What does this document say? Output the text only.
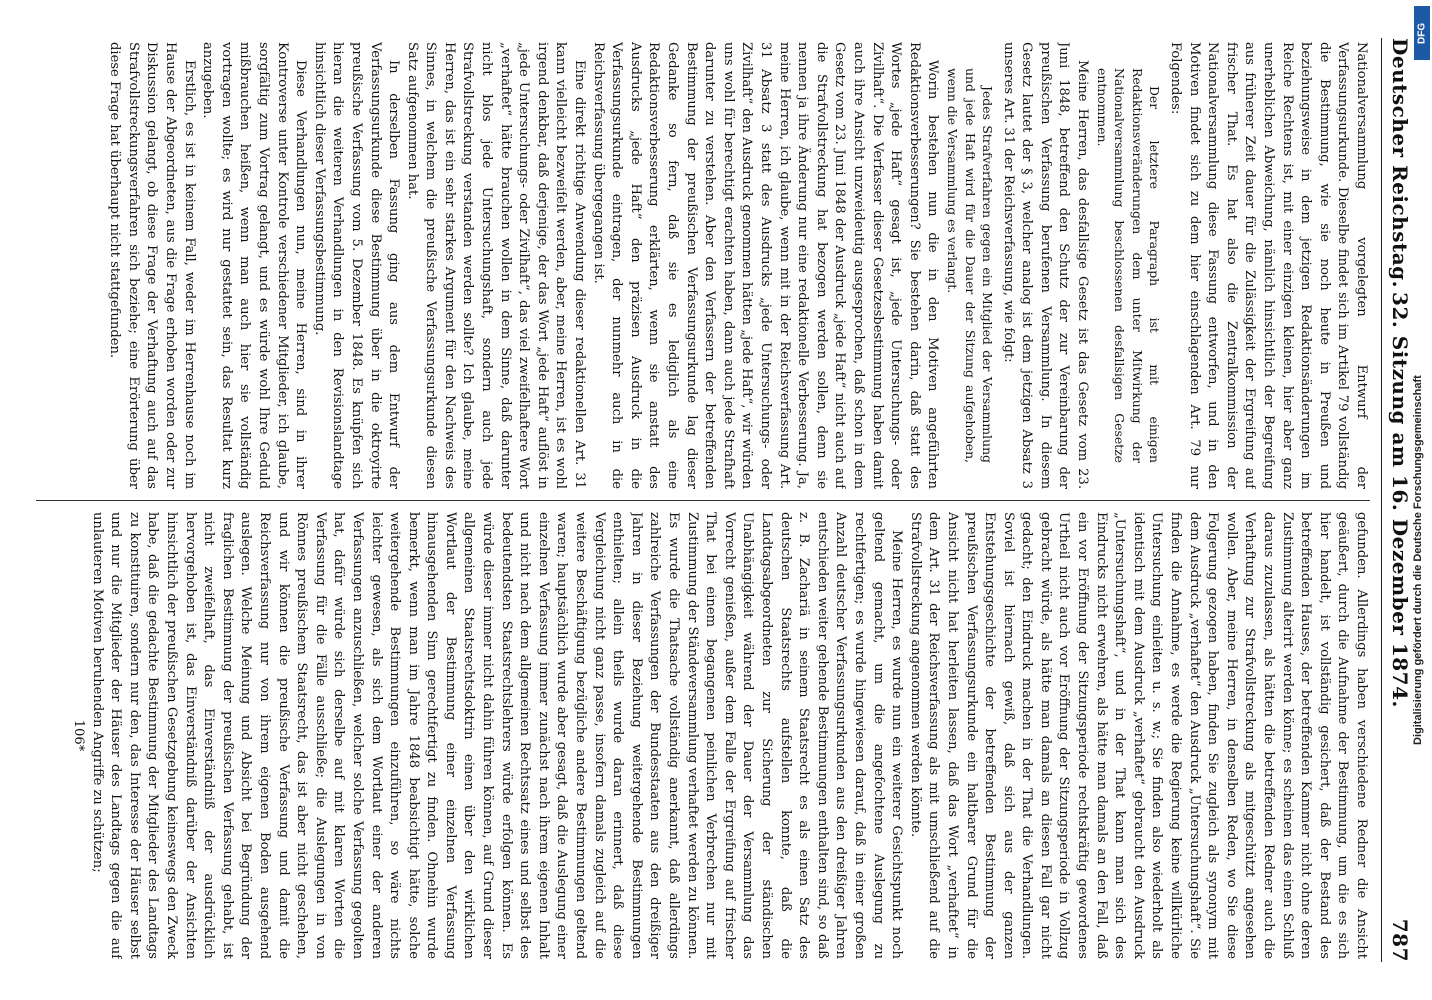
Deutscher Reichstag.
32. Sitzung am 16. Dezember 1874.
787

Nationalversammlung vorgelegten Entwurf der Verfassungsurkunde. Dieselbe findet sich im Artikel 79 vollständig die Bestimmung, wie sie noch heute in Preußen und beziehungsweise in dem jetzigen Redaktionsänderungen im Reiche Rechtens ist, mit einer einzigen kleinen, hier aber ganz unerheblichen Abweichung, nämlich hinsichtlich der Begreifung aus früherer Zeit dauer für die Zulässigkeit der Ergreifung auf frischer That. Es hat also die Zentralkommission der Nationalversammlung diese Fassung entworfen, und in den Motiven findet sich zu dem hier einschlagenden Art. 79 nur Folgendes:

Der letztere Paragraph ist mit einigen Redaktionsveränderungen dem unter Mitwirkung der Nationalversammlung beschlossenen desfallsigen Gesetze entnommen.

Meine Herren, das desfallsige Gesetz ist das Gesetz vom 23. Juni 1848, betreffend den Schutz der zur Vereinbarung der preußischen Verfassung berufenen Versammlung. In diesem Gesetz lautet der § 3, welcher analog ist dem jetzigen Absatz 3 unseres Art. 31 der Reichsverfassung, wie folgt:

Jedes Strafverfahren gegen ein Mitglied der Versammlung und jede Haft wird für die Dauer der Sitzung aufgehoben, wenn die Versammlung es verlangt.

Worin bestehen nun die in den Motiven angeführten Redaktionsverbesserungen? Sie bestehen darin, daß statt des Wortes „jede Haft“ gesagt ist, „jede Untersuchungs- oder Zivilhaft“. Die Verfasser dieser Gesetzesbestimmung haben damit auch ihre Ansicht unzweideutig ausgesprochen, daß schon in dem Gesetz vom 23. Juni 1848 der Ausdruck „jede Haft“ nicht auch auf die Strafvollstreckung hat bezogen werden sollen, denn sie nennen ja ihre Änderung nur eine redaktionelle Verbesserung. Ja, meine Herren, ich glaube, wenn mit in der Reichsverfassung Art. 31 Absatz 3 statt des Ausdrucks „jede Untersuchungs- oder Zivilhaft“ den Ausdruck genommen hätten „jede Haft“, wir würden uns wohl für berechtigt erachten haben, dann auch jede Strafhaft darunter zu verstehen. Aber den Verfassern der betreffenden Bestimmung der preußischen Verfassungsurkunde lag dieser Gedanke so fern, daß sie es lediglich als eine Redaktionsverbesserung erklärten, wenn sie anstatt des Ausdrucks „jede Haft“ den präzisen Ausdruck in die Verfassungsurkunde eintragen, der nunmehr auch in die Reichsverfassung übergegangen ist.

Eine direkt richtige Anwendung dieser redaktionellen Art. 31 kann vielleicht bezweifelt werden, aber, meine Herren, ist es wohl irgend denkbar, daß derjenige, der das Wort „jede Haft“ auflöst in „jede Untersuchungs- oder Zivilhaft“, das viel zweifelhaftere Wort „verhaftet“ hätte brauchen wollen in dem Sinne, daß darunter nicht blos jede Untersuchungshaft, sondern auch jede Strafvollstreckung verstanden werden sollte? Ich glaube, meine Herren, das ist ein sehr starkes Argument für den Nachweis des Sinnes, in welchem die preußische Verfassungsurkunde diesen Satz aufgenommen hat.

In derselben Fassung ging aus dem Entwurf der Verfassungsurkunde diese Bestimmung über in die oktroyirte preußische Verfassung vom 5. Dezember 1848. Es knüpfen sich hieran die weiteren Verhandlungen in den Revisionslandtage hinsichtlich dieser Verfassungsbestimmung.

Diese Verhandlungen nun, meine Herren, sind in ihrer Kontroverse unter Kontrole verschiedener Mitglieder, ich glaube, sorgfältig zum Vortrag gelangt, und es würde wohl Ihre Geduld mißbrauchen heißen, wenn man auch hier sie vollständig vortragen wollte; es wird nur gestattet sein, das Resultat kurz anzugeben.

Erstlich, es ist in keinem Fall, weder im Herrenhause noch im Hause der Abgeordneten, aus die Frage erhoben worden oder zur Diskussion gelangt, ob diese Frage der Verhaftung auch auf das Strafvollstreckungsverfahren sich beziehe; eine Erörterung über diese Frage hat überhaupt nicht stattgefunden.

gefunden. Allerdings haben verschiedene Redner die Ansicht geäußert, durch die Aufnahme der Bestimmung, um die es sich hier handelt, ist vollständig gesichert, daß der Bestand des betreffenden Hauses, der betreffenden Kammer nicht ohne deren Zustimmung alterirt werden könne; es scheinen das einen Schluß daraus zuzulassen, als hätten die betreffenden Redner auch die Verhaftung zur Strafvollstreckung als mitgeschützt angesehen wollen. Aber, meine Herren, in denselben Reden, wo Sie diese Folgerung gezogen haben, finden Sie zugleich als synonym mit dem Ausdruck „verhaftet“ den Ausdruck „Untersuchungshaft“. Sie finden die Annahme, es werde die Regierung keine willkürliche Untersuchung einleiten u. s. w.; Sie finden also wiederholt als identisch mit dem Ausdruck „verhaftet“ gebraucht den Ausdruck „Untersuchungshaft“, und in der That kann man sich des Eindrucks nicht erwehren, als hätte man damals an den Fall, daß ein vor Eröffnung der Sitzungsperiode rechtskräftig gewordenes Urtheil nicht auch vor Eröffnung der Sitzungsperiode in Vollzug gebracht würde, als hätte man damals an diesen Fall gar nicht gedacht; den Eindruck machen in der That die Verhandlungen. Soviel ist hiernach gewiß, daß sich aus der ganzen Entstehungsgeschichte der betreffenden Bestimmung der preußischen Verfassungsurkunde ein haltbarer Grund für die Ansicht nicht hat herleiten lassen, daß das Wort „verhaftet“ in dem Art. 31 der Reichsverfassung als mit umschließend auf die Strafvollstreckung angenommen werden könnte.

Meine Herren, es wurde nun ein weiterer Gesichtspunkt noch geltend gemacht, um die angefochtene Auslegung zu rechtfertigen; es wurde hingewiesen darauf, daß in einer großen Anzahl deutscher Verfassungsurkunden aus den dreißiger Jahren entschieden weiter gehende Bestimmungen enthalten sind, so daß z. B. Zachariä in seinem Staatsrecht es als einen Satz des deutschen Staatsrechts aufstellen konnte, daß die Landtagsabgeordneten zur Sicherung der ständischen Unabhängigkeit während der Dauer der Versammlung das Vorrecht genießen, außer dem Falle der Ergreifung auf frischer That bei einem begangenen peinlichen Verbrechen nur mit Zustimmung der Ständeversammlung verhaftet werden zu können. Es wurde die Thatsache vollständig anerkannt, daß allerdings zahlreiche Verfassungen der Bundesstaaten aus den dreißiger Jahren in dieser Beziehung weitergehende Bestimmungen enthielten; allein theils wurde daran erinnert, daß diese Vergleichung nicht ganz passe, insofern damals zugleich auf die weitere Beschäftigung bezügliche andere Bestimmungen geltend waren; hauptsächlich wurde aber gesagt, daß die Auslegung einer einzelnen Verfassung immer zunächst nach ihrem eigenen Inhalt und nicht nach dem allgemeinen Rechtssatz eines und selbst des bedeutendsten Staatsrechtslehrers würde erfolgen können. Es würde dieser immer nicht dahin führen können, auf Grund dieser allgemeinen Staatsrechtsdoktrin einen über den wirklichen Wortlaut der Bestimmung einer einzelnen Verfassung hinausgehenden Sinn gerechtfertigt zu finden. Ohnehin wurde bemerkt, wenn man im Jahre 1848 beabsichtigt hätte, solche weitergehende Bestimmungen einzuführen, so wäre nichts leichter gewesen, als sich dem Wortlaut einer der anderen Verfassungen anzuschließen, welcher solche Verfassung gegolten hat, dafür würde sich derselbe auf mit klaren Worten die Verfassung für die Fälle ausschließe; die Auslegungen in von Rönnes preußischem Staatsrecht, das ist aber nicht geschehen, und wir können die preußische Verfassung und damit die Reichsverfassung nur von ihrem eigenen Boden ausgehend auslegen. Welche Meinung und Absicht bei Begründung der fraglichen Bestimmung der preußischen Verfassung gehabt, ist nicht zweifelhaft, das Einverständniß der ausdrücklich hervorgehoben ist, das Einverständniß darüber der Ansichten hinsichtlich der preußischen Gesetzgebung keineswegs den Zweck habe, daß die gedachte Bestimmung der Mitglieder des Landtags zu konstituiren, sondern nur den, das Interesse der Häuser selbst und nur die Mitglieder der Häuser des Landtags gegen die auf unlauteren Motiven beruhenden Angriffe zu schützen;

106*

DFG
Digitalisierung gefördert durch die Deutsche Forschungsgemeinschaft
